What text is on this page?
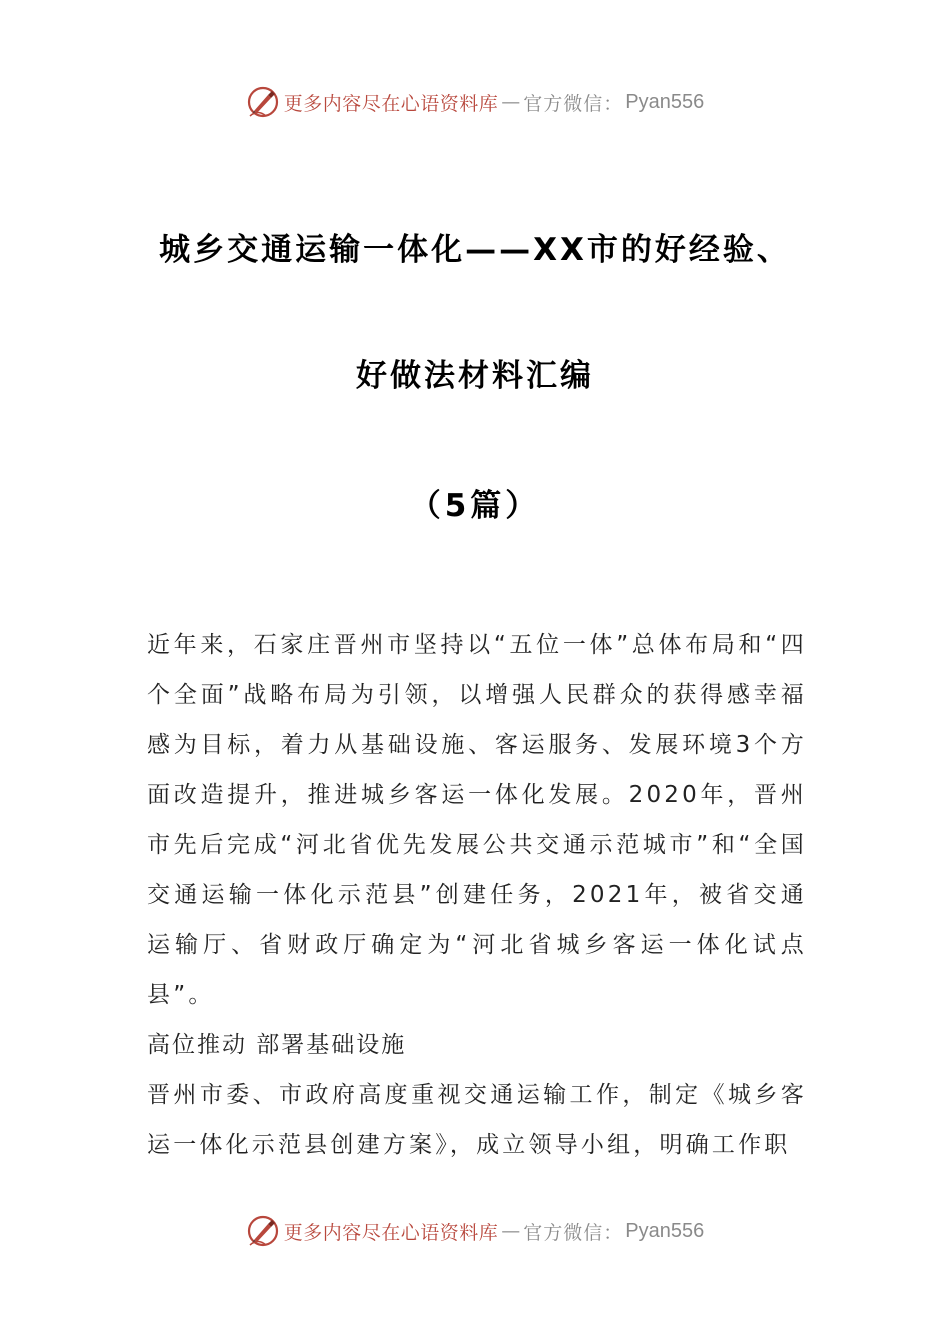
更多内容尽在心语资料库 — 官方微信： Pyan556
城乡交通运输一体化——XX市的好经验、
好做法材料汇编
（5篇）

近年来，石家庄晋州市坚持以“五位一体”总体布局和“四个全面”战略布局为引领，以增强人民群众的获得感幸福感为目标，着力从基础设施、客运服务、发展环境3个方面改造提升，推进城乡客运一体化发展。2020年，晋州市先后完成“河北省优先发展公共交通示范城市”和“全国交通运输一体化示范县”创建任务，2021年，被省交通运输厅、省财政厅确定为“河北省城乡客运一体化试点县”。

高位推动 部署基础设施

晋州市委、市政府高度重视交通运输工作，制定《城乡客运一体化示范县创建方案》，成立领导小组，明确工作职

更多内容尽在心语资料库 — 官方微信： Pyan556
